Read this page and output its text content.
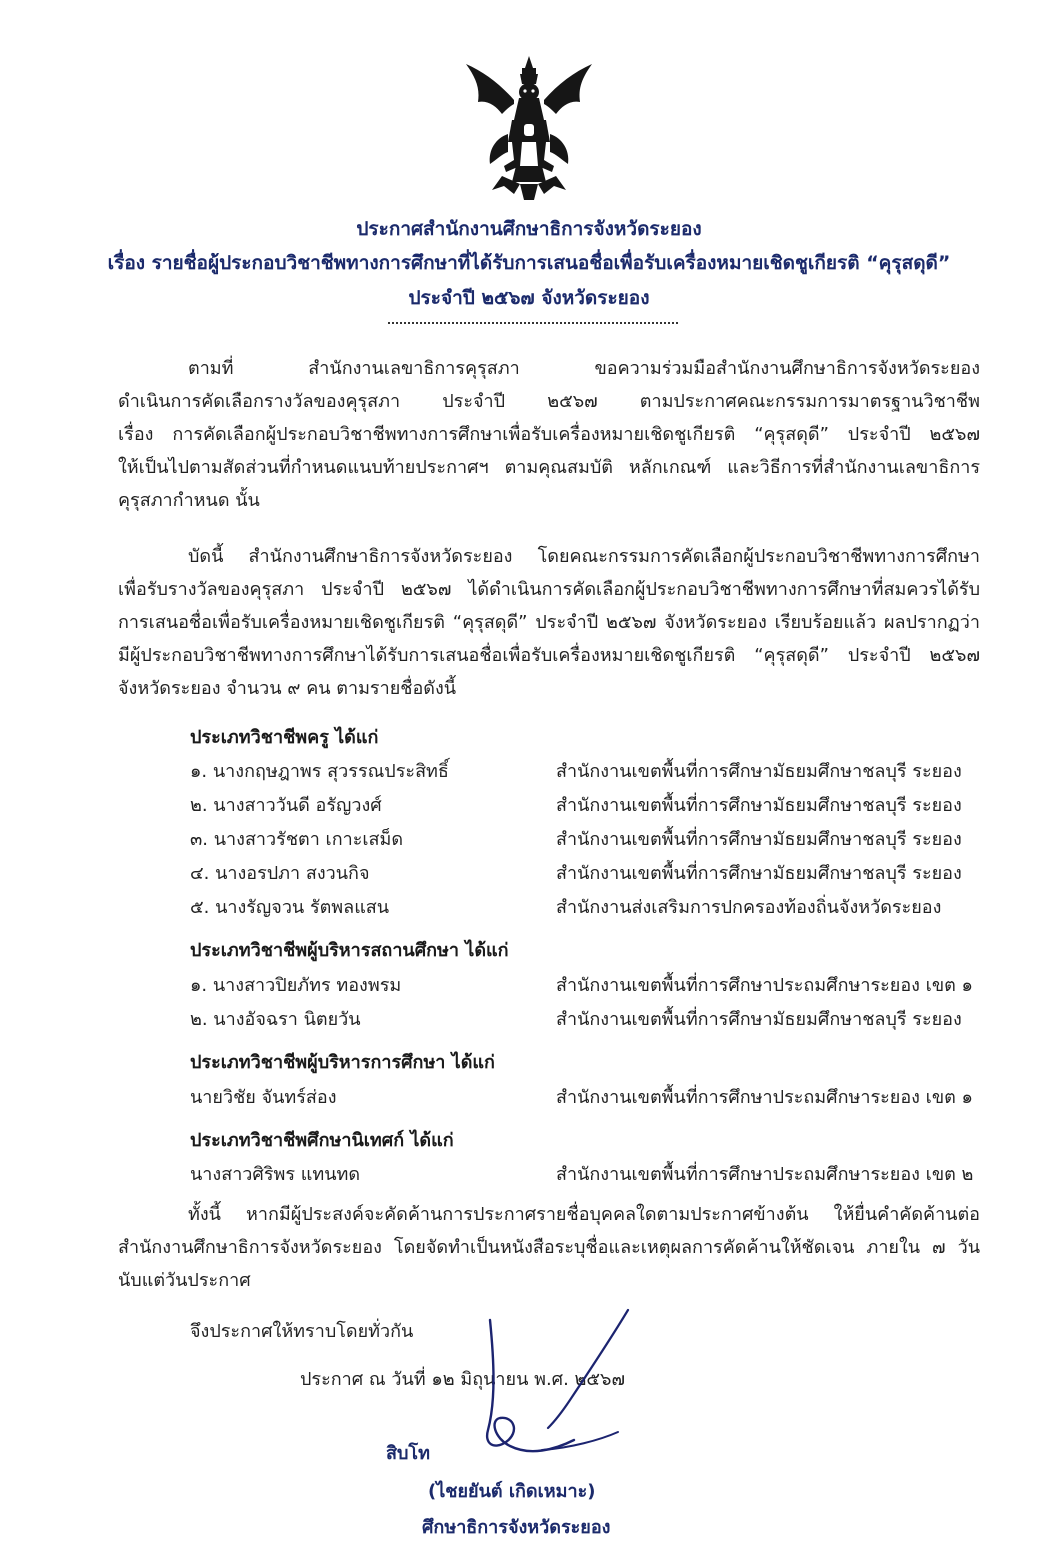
ประกาศสำนักงานศึกษาธิการจังหวัดระยอง
เรื่อง รายชื่อผู้ประกอบวิชาชีพทางการศึกษาที่ได้รับการเสนอชื่อเพื่อรับเครื่องหมายเชิดชูเกียรติ “คุรุสดุดี”
ประจำปี ๒๕๖๗ จังหวัดระยอง
ตามที่ สำนักงานเลขาธิการคุรุสภา ขอความร่วมมือสำนักงานศึกษาธิการจังหวัดระยอง
ดำเนินการคัดเลือกรางวัลของคุรุสภา ประจำปี ๒๕๖๗ ตามประกาศคณะกรรมการมาตรฐานวิชาชีพ
เรื่อง การคัดเลือกผู้ประกอบวิชาชีพทางการศึกษาเพื่อรับเครื่องหมายเชิดชูเกียรติ “คุรุสดุดี” ประจำปี ๒๕๖๗
ให้เป็นไปตามสัดส่วนที่กำหนดแนบท้ายประกาศฯ ตามคุณสมบัติ หลักเกณฑ์ และวิธีการที่สำนักงานเลขาธิการ
คุรุสภากำหนด นั้น
บัดนี้ สำนักงานศึกษาธิการจังหวัดระยอง โดยคณะกรรมการคัดเลือกผู้ประกอบวิชาชีพทางการศึกษา
เพื่อรับรางวัลของคุรุสภา ประจำปี ๒๕๖๗ ได้ดำเนินการคัดเลือกผู้ประกอบวิชาชีพทางการศึกษาที่สมควรได้รับ
การเสนอชื่อเพื่อรับเครื่องหมายเชิดชูเกียรติ “คุรุสดุดี” ประจำปี ๒๕๖๗ จังหวัดระยอง เรียบร้อยแล้ว ผลปรากฏว่า
มีผู้ประกอบวิชาชีพทางการศึกษาได้รับการเสนอชื่อเพื่อรับเครื่องหมายเชิดชูเกียรติ “คุรุสดุดี” ประจำปี ๒๕๖๗
จังหวัดระยอง จำนวน ๙ คน ตามรายชื่อดังนี้
ประเภทวิชาชีพครู ได้แก่
๑. นางกฤษฎาพร สุวรรณประสิทธิ์	สำนักงานเขตพื้นที่การศึกษามัธยมศึกษาชลบุรี ระยอง
๒. นางสาววันดี อรัญวงศ์	สำนักงานเขตพื้นที่การศึกษามัธยมศึกษาชลบุรี ระยอง
๓. นางสาวรัชตา เกาะเสม็ด	สำนักงานเขตพื้นที่การศึกษามัธยมศึกษาชลบุรี ระยอง
๔. นางอรปภา สงวนกิจ	สำนักงานเขตพื้นที่การศึกษามัธยมศึกษาชลบุรี ระยอง
๕. นางรัญจวน รัตพลแสน	สำนักงานส่งเสริมการปกครองท้องถิ่นจังหวัดระยอง
ประเภทวิชาชีพผู้บริหารสถานศึกษา ได้แก่
๑. นางสาวปิยภัทร ทองพรม	สำนักงานเขตพื้นที่การศึกษาประถมศึกษาระยอง เขต ๑
๒. นางอัจฉรา นิตยวัน	สำนักงานเขตพื้นที่การศึกษามัธยมศึกษาชลบุรี ระยอง
ประเภทวิชาชีพผู้บริหารการศึกษา ได้แก่
นายวิชัย จันทร์ส่อง	สำนักงานเขตพื้นที่การศึกษาประถมศึกษาระยอง เขต ๑
ประเภทวิชาชีพศึกษานิเทศก์ ได้แก่
นางสาวศิริพร แทนทด	สำนักงานเขตพื้นที่การศึกษาประถมศึกษาระยอง เขต ๒
ทั้งนี้ หากมีผู้ประสงค์จะคัดค้านการประกาศรายชื่อบุคคลใดตามประกาศข้างต้น ให้ยื่นคำคัดค้านต่อ
สำนักงานศึกษาธิการจังหวัดระยอง โดยจัดทำเป็นหนังสือระบุชื่อและเหตุผลการคัดค้านให้ชัดเจน ภายใน ๗ วัน
นับแต่วันประกาศ
จึงประกาศให้ทราบโดยทั่วกัน
ประกาศ ณ วันที่ ๑๒ มิถุนายน พ.ศ. ๒๕๖๗
สิบโท
(ไชยยันต์ เกิดเหมาะ)
ศึกษาธิการจังหวัดระยอง
